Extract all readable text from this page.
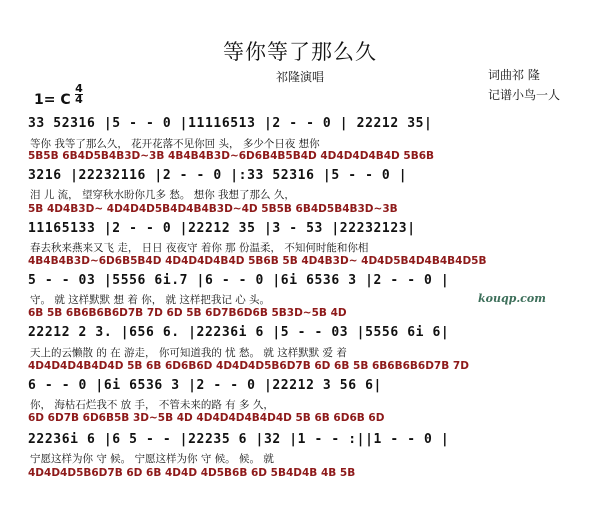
等你等了那么久
祁隆演唱	词曲祁 隆
记谱小鸟一人
1= C
4
4
33 52316 |5 - - 0 |11116513 |2 - - 0 | 22212 35|
等你 我等了那么久， 花开花落不见你回 头， 多少个日夜 想你
5B5B 6B4D5B4B3D~3B 4B4B4B3D~6D6B4B5B4D 4D4D4D4B4D 5B6B
3216 |22232116 |2 - - 0 |:33 52316 |5 - - 0 |
泪 儿 流， 望穿秋水盼你几多 愁。 想你 我想了那么 久，
5B 4D4B3D~ 4D4D4D5B4D4B4B3D~4D 5B5B 6B4D5B4B3D~3B
11165133 |2 - - 0 |22212 35 |3 - 53 |22232123|
春去秋来燕来又飞 走， 日日 夜夜守 着你 那 份温柔， 不知何时能和你相
4B4B4B3D~6D6B5B4D 4D4D4D4B4D 5B6B 5B 4D4B3D~ 4D4D5B4D4B4B4D5B
5 - - 03 |5556 6i.7 |6 - - 0 |6i 6536 3 |2 - - 0 |
守。 就 这样默默 想 着 你， 就 这样把我记 心 头。
6B 5B 6B6B6B6D7B 7D 6D 5B 6D7B6D6B 5B3D~5B 4D
22212 2 3. |656 6. |22236i 6 |5 - - 03 |5556 6i 6|
天上的云懒散 的 在 游走， 你可知道我的 忧 愁。 就 这样默默 爱 着
4D4D4D4B4D4D 5B 6B 6D6B6D 4D4D4D5B6D7B 6D 6B 5B 6B6B6B6D7B 7D
6 - - 0 |6i 6536 3 |2 - - 0 |22212 3 56 6|
你， 海枯石烂我不 放 手， 不管未来的路 有 多 久，
6D 6D7B 6D6B5B 3D~5B 4D 4D4D4D4B4D4D 5B 6B 6D6B 6D
22236i 6 |6 5 - - |22235 6 |32 |1 - - :||1 - - 0 |
宁愿这样为你 守 候。 宁愿这样为你 守 候。 候。 就
4D4D4D5B6D7B 6D 6B 4D4D 4D5B6B 6D 5B4D4B 4B 5B
kouqp.com
